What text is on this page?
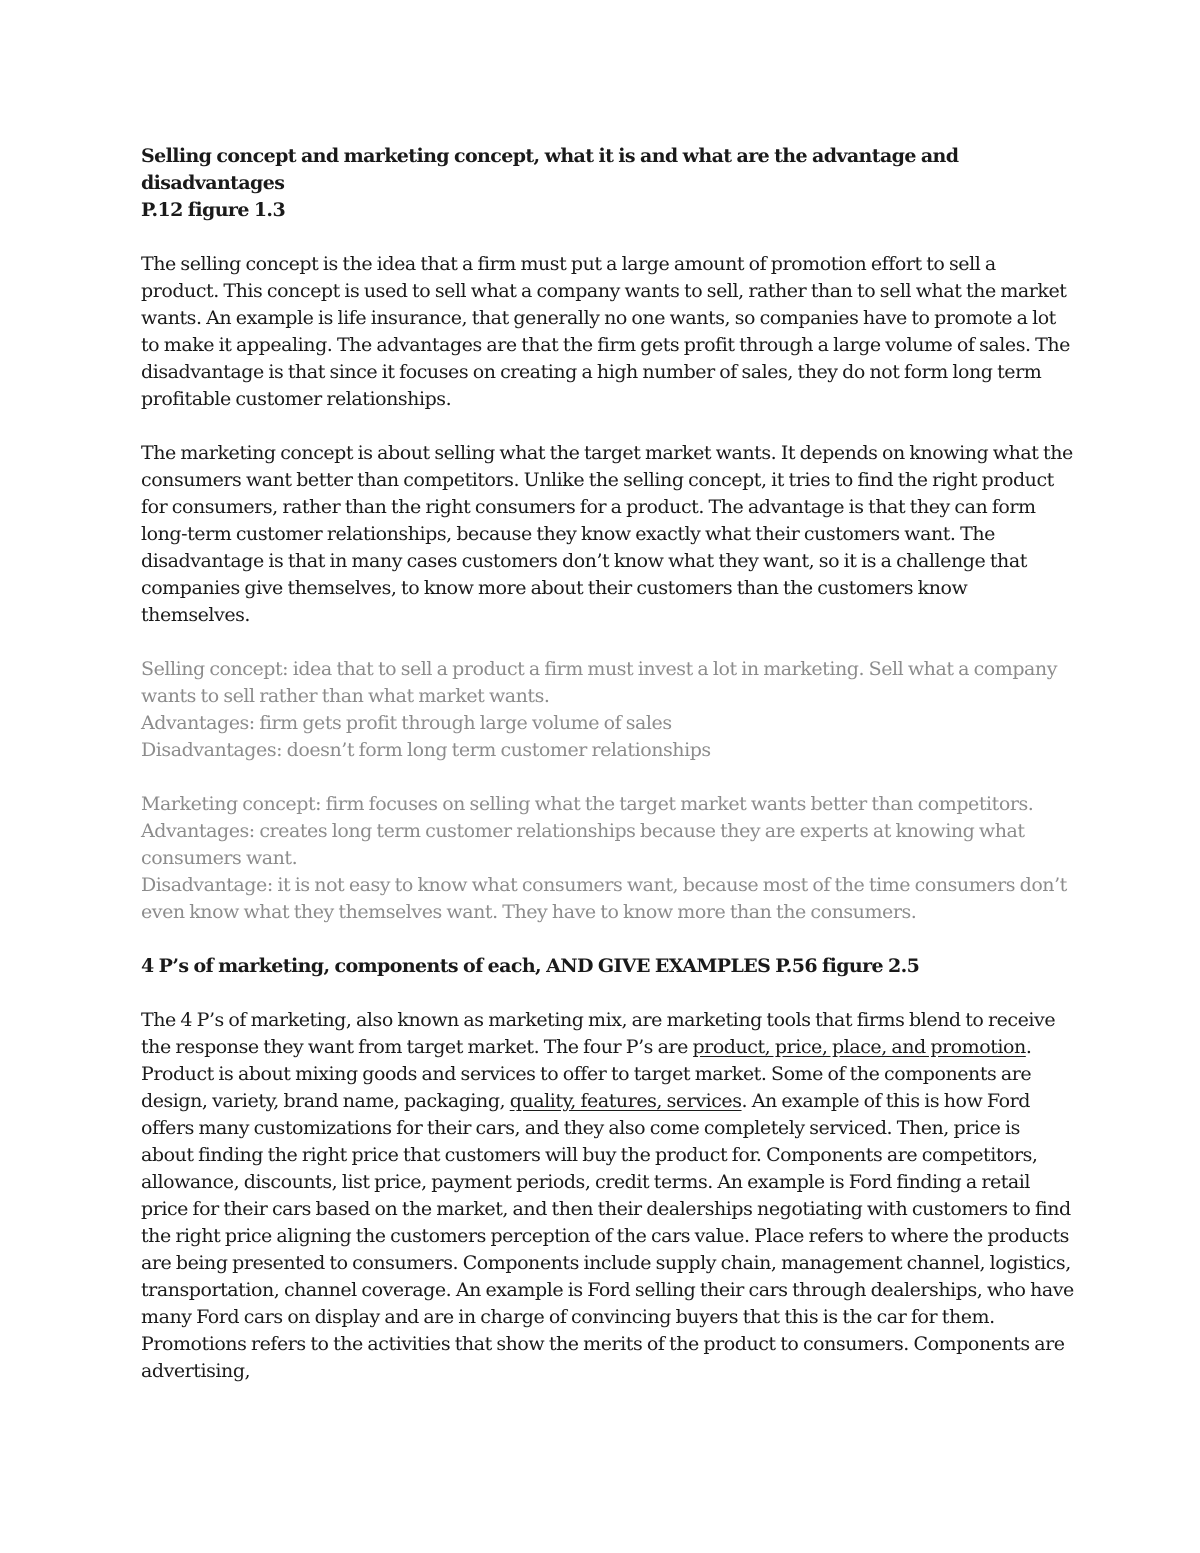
Selling concept and marketing concept, what it is and what are the advantage and
disadvantages

P.12 figure 1.3

The selling concept is the idea that a firm must put a large amount of promotion effort to sell a product. This concept is used to sell what a company wants to sell, rather than to sell what the market wants. An example is life insurance, that generally no one wants, so companies have to promote a lot to make it appealing. The advantages are that the firm gets profit through a large volume of sales. The disadvantage is that since it focuses on creating a high number of sales, they do not form long term profitable customer relationships.

The marketing concept is about selling what the target market wants. It depends on knowing what the consumers want better than competitors. Unlike the selling concept, it tries to find the right product for consumers, rather than the right consumers for a product. The advantage is that they can form long-term customer relationships, because they know exactly what their customers want. The disadvantage is that in many cases customers don’t know what they want, so it is a challenge that companies give themselves, to know more about their customers than the customers know themselves.

Selling concept: idea that to sell a product a firm must invest a lot in marketing. Sell what a company wants to sell rather than what market wants.

Advantages: firm gets profit through large volume of sales

Disadvantages: doesn’t form long term customer relationships

Marketing concept: firm focuses on selling what the target market wants better than competitors.

Advantages: creates long term customer relationships because they are experts at knowing what consumers want.

Disadvantage: it is not easy to know what consumers want, because most of the time consumers don’t even know what they themselves want. They have to know more than the consumers.

4 P’s of marketing, components of each, AND GIVE EXAMPLES P.56 figure 2.5

The 4 P’s of marketing, also known as marketing mix, are marketing tools that firms blend to receive the response they want from target market. The four P’s are product, price, place, and promotion. Product is about mixing goods and services to offer to target market. Some of the components are design, variety, brand name, packaging, quality, features, services. An example of this is how Ford offers many customizations for their cars, and they also come completely serviced. Then, price is about finding the right price that customers will buy the product for. Components are competitors, allowance, discounts, list price, payment periods, credit terms. An example is Ford finding a retail price for their cars based on the market, and then their dealerships negotiating with customers to find the right price aligning the customers perception of the cars value. Place refers to where the products are being presented to consumers. Components include supply chain, management channel, logistics, transportation, channel coverage. An example is Ford selling their cars through dealerships, who have many Ford cars on display and are in charge of convincing buyers that this is the car for them. Promotions refers to the activities that show the merits of the product to consumers. Components are advertising,
